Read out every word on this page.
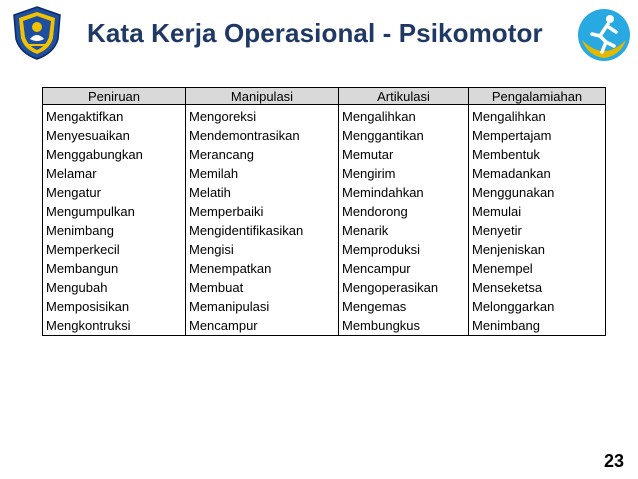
Kata Kerja Operasional - Psikomotor
Peniruan	Manipulasi	Artikulasi	Pengalamiahan
Mengaktifkan	Mengoreksi	Mengalihkan	Mengalihkan
Menyesuaikan	Mendemontrasikan	Menggantikan	Mempertajam
Menggabungkan	Merancang	Memutar	Membentuk
Melamar	Memilah	Mengirim	Memadankan
Mengatur	Melatih	Memindahkan	Menggunakan
Mengumpulkan	Memperbaiki	Mendorong	Memulai
Menimbang	Mengidentifikasikan	Menarik	Menyetir
Memperkecil	Mengisi	Memproduksi	Menjeniskan
Membangun	Menempatkan	Mencampur	Menempel
Mengubah	Membuat	Mengoperasikan	Menseketsa
Memposisikan	Memanipulasi	Mengemas	Melonggarkan
Mengkontruksi	Mencampur	Membungkus	Menimbang
23
